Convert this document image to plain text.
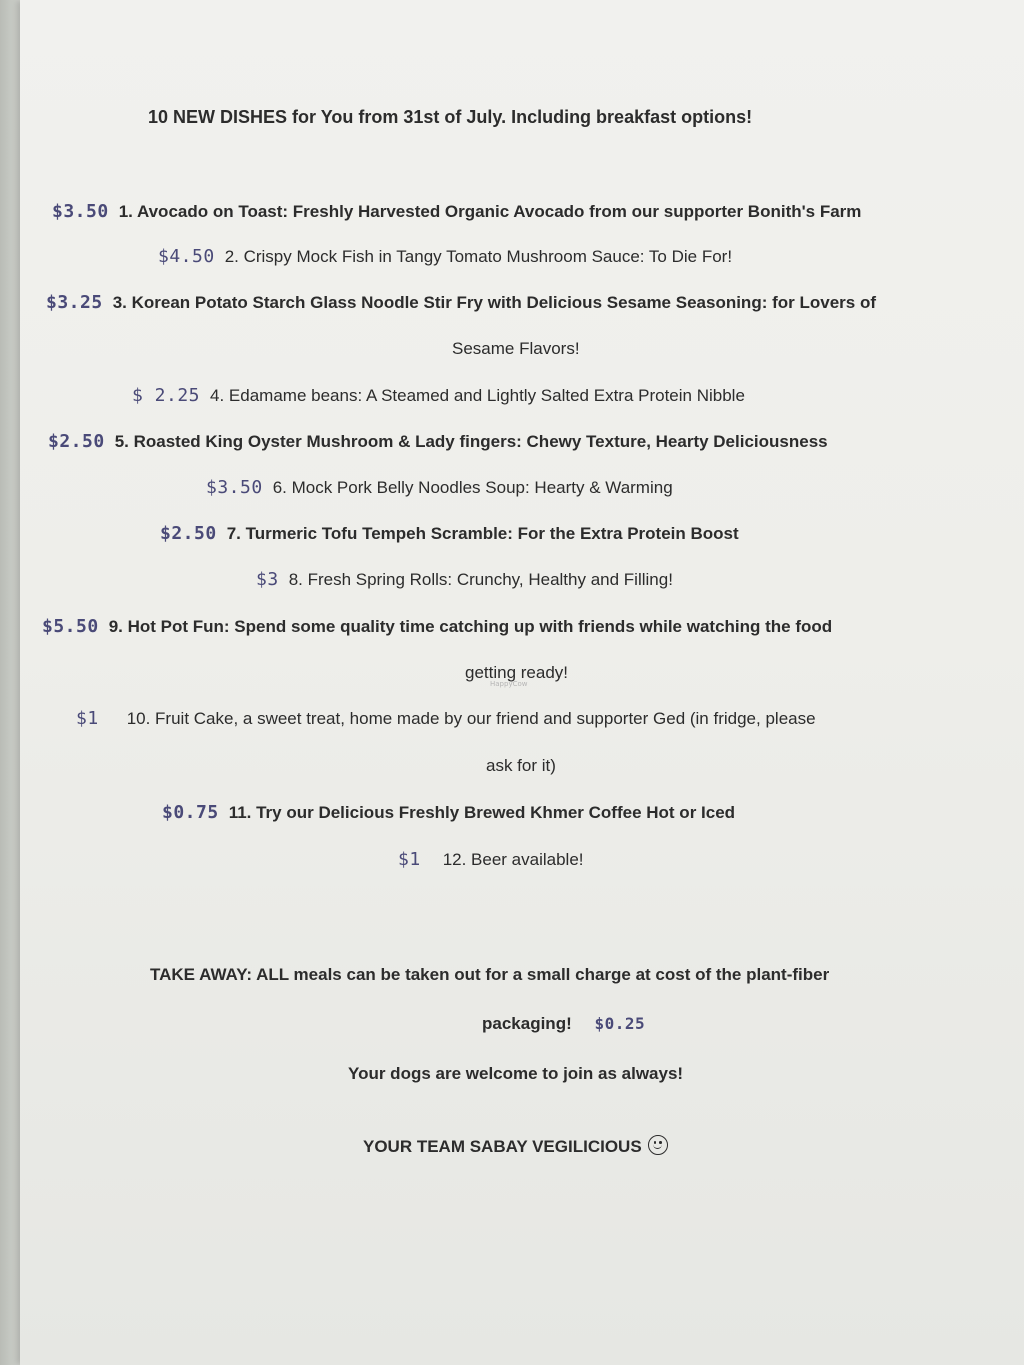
10 NEW DISHES for You from 31st of July. Including breakfast options!
$3.50 1. Avocado on Toast: Freshly Harvested Organic Avocado from our supporter Bonith's Farm
$4.50 2. Crispy Mock Fish in Tangy Tomato Mushroom Sauce: To Die For!
$3.25 3. Korean Potato Starch Glass Noodle Stir Fry with Delicious Sesame Seasoning: for Lovers of
Sesame Flavors!
$ 2.25 4. Edamame beans: A Steamed and Lightly Salted Extra Protein Nibble
$2.50 5. Roasted King Oyster Mushroom & Lady fingers: Chewy Texture, Hearty Deliciousness
$3.50 6. Mock Pork Belly Noodles Soup: Hearty & Warming
$2.50 7. Turmeric Tofu Tempeh Scramble: For the Extra Protein Boost
$3 8. Fresh Spring Rolls: Crunchy, Healthy and Filling!
$5.50 9. Hot Pot Fun: Spend some quality time catching up with friends while watching the food
getting ready!
HappyCow
$1 10. Fruit Cake, a sweet treat, home made by our friend and supporter Ged (in fridge, please
ask for it)
$0.75 11. Try our Delicious Freshly Brewed Khmer Coffee Hot or Iced
$1 12. Beer available!
TAKE AWAY: ALL meals can be taken out for a small charge at cost of the plant-fiber
packaging! $0.25
Your dogs are welcome to join as always!
YOUR TEAM SABAY VEGILICIOUS
